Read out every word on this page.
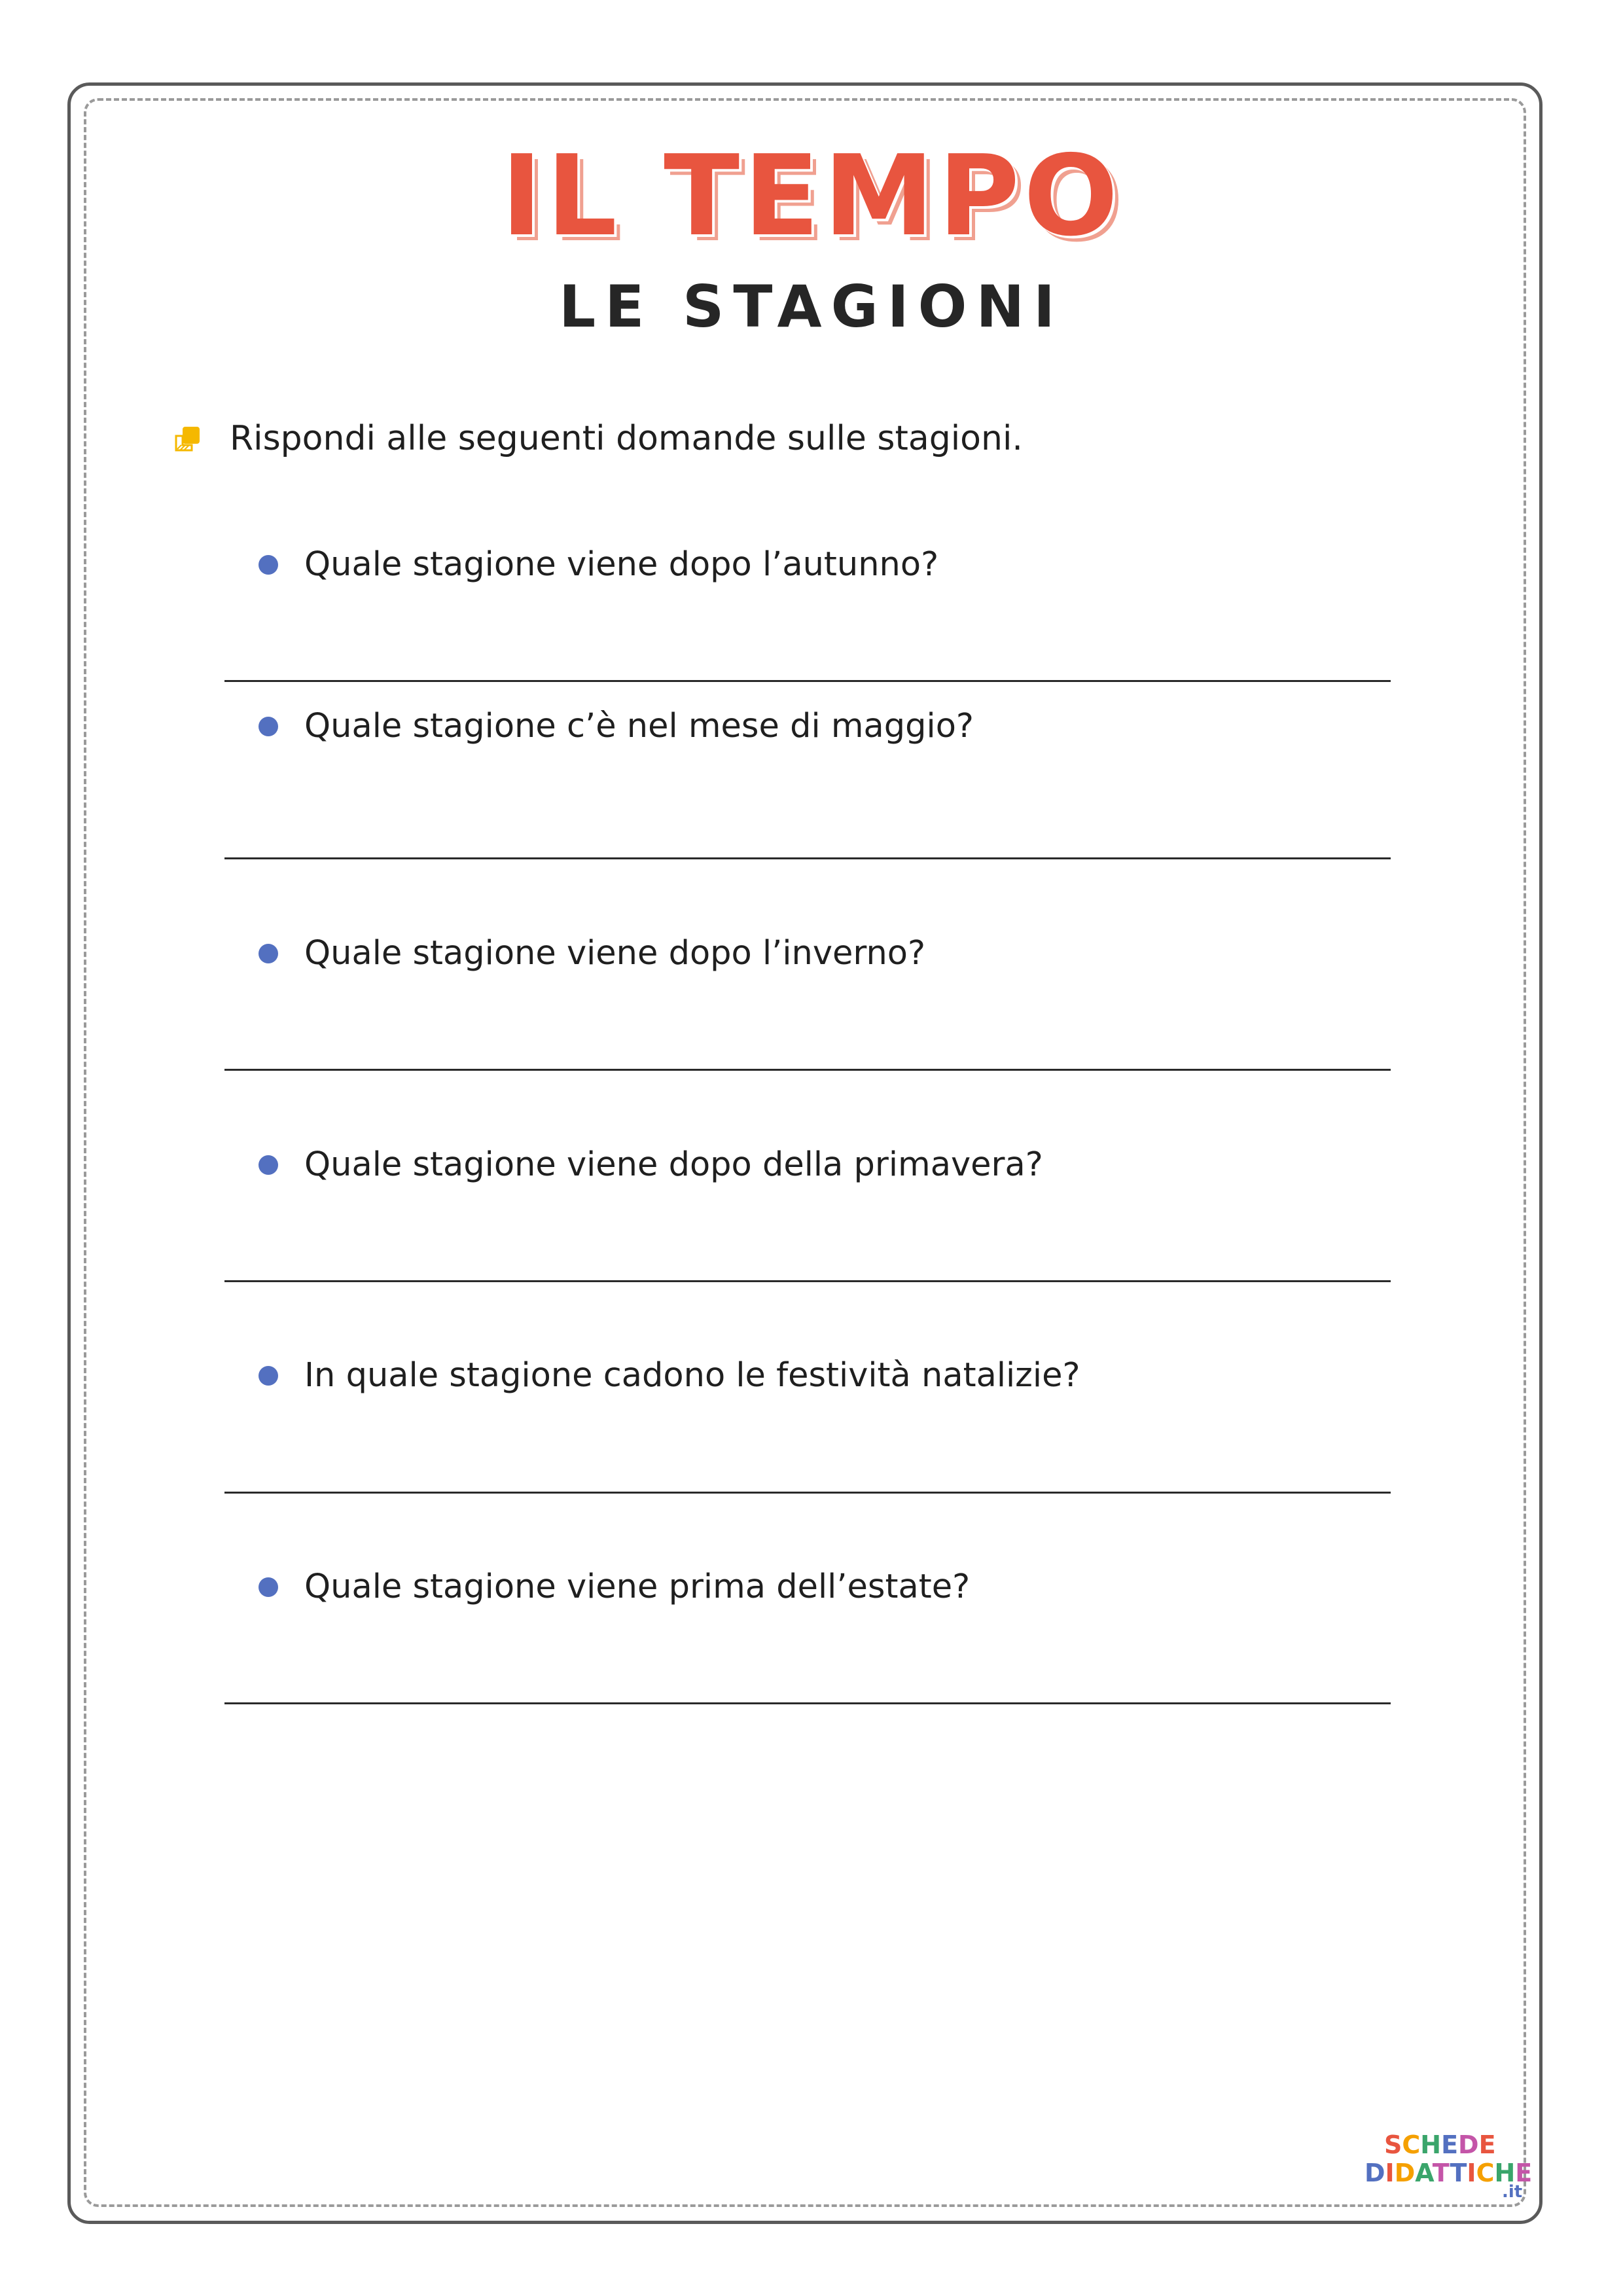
IL TEMPO
LE STAGIONI
Rispondi alle seguenti domande sulle stagioni.
Quale stagione viene dopo l’autunno?
Quale stagione c’è nel mese di maggio?
Quale stagione viene dopo l’inverno?
Quale stagione viene dopo della primavera?
In quale stagione cadono le festività natalizie?
Quale stagione viene prima dell’estate?
SCHEDE
DIDATTICHE
.it
